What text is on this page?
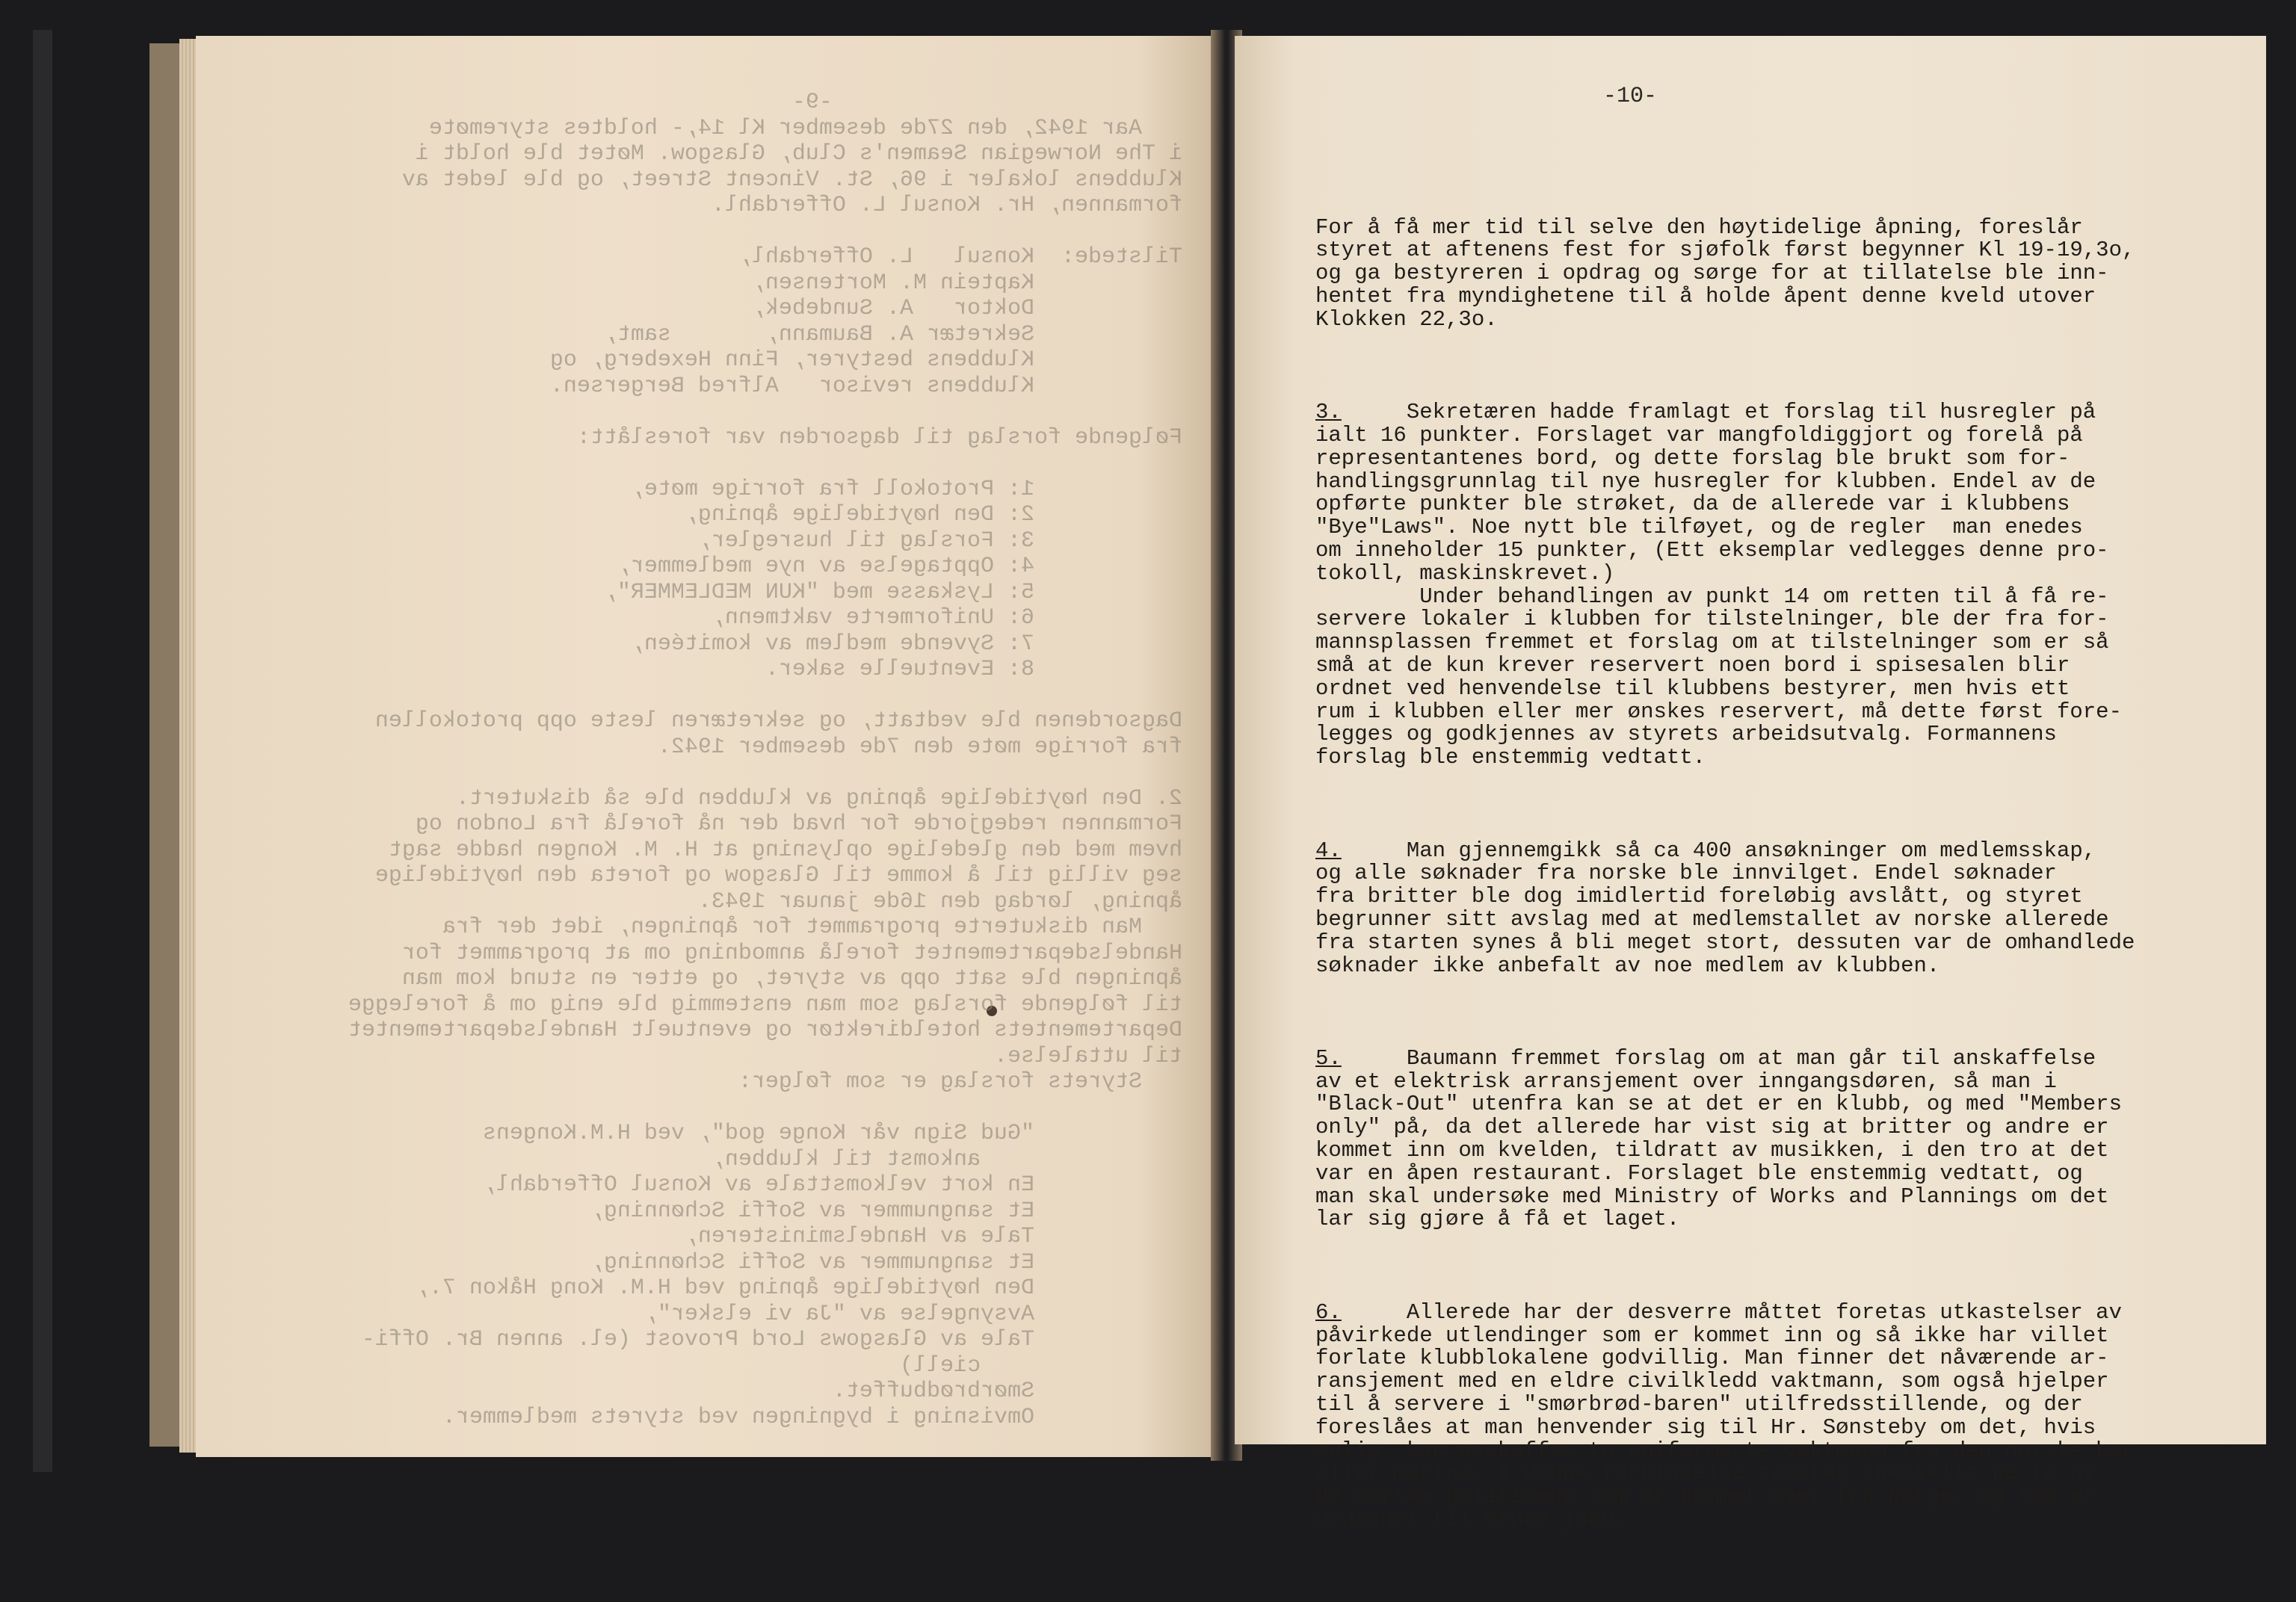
-9-
Aar 1942, den 27de desember Kl 14,- holdtes styremøte
i The Norwegian Seamen's Club, Glasgow. Møtet ble holdt i
Klubbens lokaler i 96, St. Vincent Street, og ble ledet av
formannen, Hr. Konsul L. Offerdahl.

Tilstede:  Konsul   L. Offerdahl,
Kaptein M. Mortensen,
Doktor   A. Sundebek,
Sekretær A. Baumann,       samt,
Klubbens bestyrer, Finn Hexeberg, og
Klubbens revisor   Alfred Bergersen.

Følgende forslag til dagsorden var foreslått:

1: Protokoll fra forrige møte,
2: Den høytidelige åpning,
3: Forslag til husregler,
4: Opptagelse av nye medlemmer,
5: Lyskasse med "KUN MEDLEMMER",
6: Uniformerte vaktmenn,
7: Syvende medlem av komitéen,
8: Eventuelle saker.

Dagsordenen ble vedtatt, og sekretæren leste opp protokollen
fra forrige møte den 7de desember 1942.

2. Den høytidelige åpning av klubben ble så diskutert.
Formannen redegjorde for hvad der nå forelå fra London og
hvem med den gledelige oplysning at H. M. Kongen hadde sagt
seg villig til å komme til Glasgow og foreta den høytidelige
åpning, lørdag den 16de januar 1943.
Man diskuterte programmet for åpningen, idet der fra
Handelsdepartementet forelå anmodning om at programmet for
åpningen ble satt opp av styret, og etter en stund kom man
til følgende forslag som man enstemmig ble enig om å forelegge
Departementets hoteldirektør og eventuelt Handelsdepartementet
til uttalelse.
Styrets forslag er som følger:

"Gud Sign vår Konge god", ved H.M.Kongens
ankomst til klubben,
En kort velkomsttale av Konsul Offerdahl,
Et sangnummer av Soffi Schønning,
Tale av Handelsministeren,
Et sangnummer av Soffi Schønning,
Den høytidelige åpning ved H.M. Kong Håkon 7.,
Avsyngelse av "Ja vi elsker",
Tale av Glasgows Lord Provost (el. annen Br. Offi-
ciell)
Smørbrødbuffet.
Omvisning i bygningen ved styrets medlemmer.
-10-

For å få mer tid til selve den høytidelige åpning, foreslår
styret at aftenens fest for sjøfolk først begynner Kl 19-19,3o,
og ga bestyreren i opdrag og sørge for at tillatelse ble inn-
hentet fra myndighetene til å holde åpent denne kveld utover
Klokken 22,3o.

3.     Sekretæren hadde framlagt et forslag til husregler på
ialt 16 punkter. Forslaget var mangfoldiggjort og forelå på
representantenes bord, og dette forslag ble brukt som for-
handlingsgrunnlag til nye husregler for klubben. Endel av de
opførte punkter ble strøket, da de allerede var i klubbens
"Bye"Laws". Noe nytt ble tilføyet, og de regler  man enedes
om inneholder 15 punkter, (Ett eksemplar vedlegges denne pro-
tokoll, maskinskrevet.)
Under behandlingen av punkt 14 om retten til å få re-
servere lokaler i klubben for tilstelninger, ble der fra for-
mannsplassen fremmet et forslag om at tilstelninger som er så
små at de kun krever reservert noen bord i spisesalen blir
ordnet ved henvendelse til klubbens bestyrer, men hvis ett
rum i klubben eller mer ønskes reservert, må dette først fore-
legges og godkjennes av styrets arbeidsutvalg. Formannens
forslag ble enstemmig vedtatt.

4.     Man gjennemgikk så ca 400 ansøkninger om medlemsskap,
og alle søknader fra norske ble innvilget. Endel søknader
fra britter ble dog imidlertid foreløbig avslått, og styret
begrunner sitt avslag med at medlemstallet av norske allerede
fra starten synes å bli meget stort, dessuten var de omhandlede
søknader ikke anbefalt av noe medlem av klubben.

5.     Baumann fremmet forslag om at man går til anskaffelse
av et elektrisk arransjement over inngangsdøren, så man i
"Black-Out" utenfra kan se at det er en klubb, og med "Members
only" på, da det allerede har vist sig at britter og andre er
kommet inn om kvelden, tildratt av musikken, i den tro at det
var en åpen restaurant. Forslaget ble enstemmig vedtatt, og
man skal undersøke med Ministry of Works and Plannings om det
lar sig gjøre å få et laget.

6.     Allerede har der desverre måttet foretas utkastelser av
påvirkede utlendinger som er kommet inn og så ikke har villet
forlate klubblokalene godvillig. Man finner det nåværende ar-
ransjement med en eldre civilkledd vaktmann, som også hjelper
til å servere i "smørbrød-baren" utilfredsstillende, og der
foreslåes at man henvender sig til Hr. Sønsteby om det, hvis
mulig, kan anskaffes to uniformerte vaktmenn fra den norske hær
eller marine. I denne forbindelse tenktes spesiellt på to av
de norske politimenn som er kommet over fra Norge, og som er
utdannet til denne jobb.
